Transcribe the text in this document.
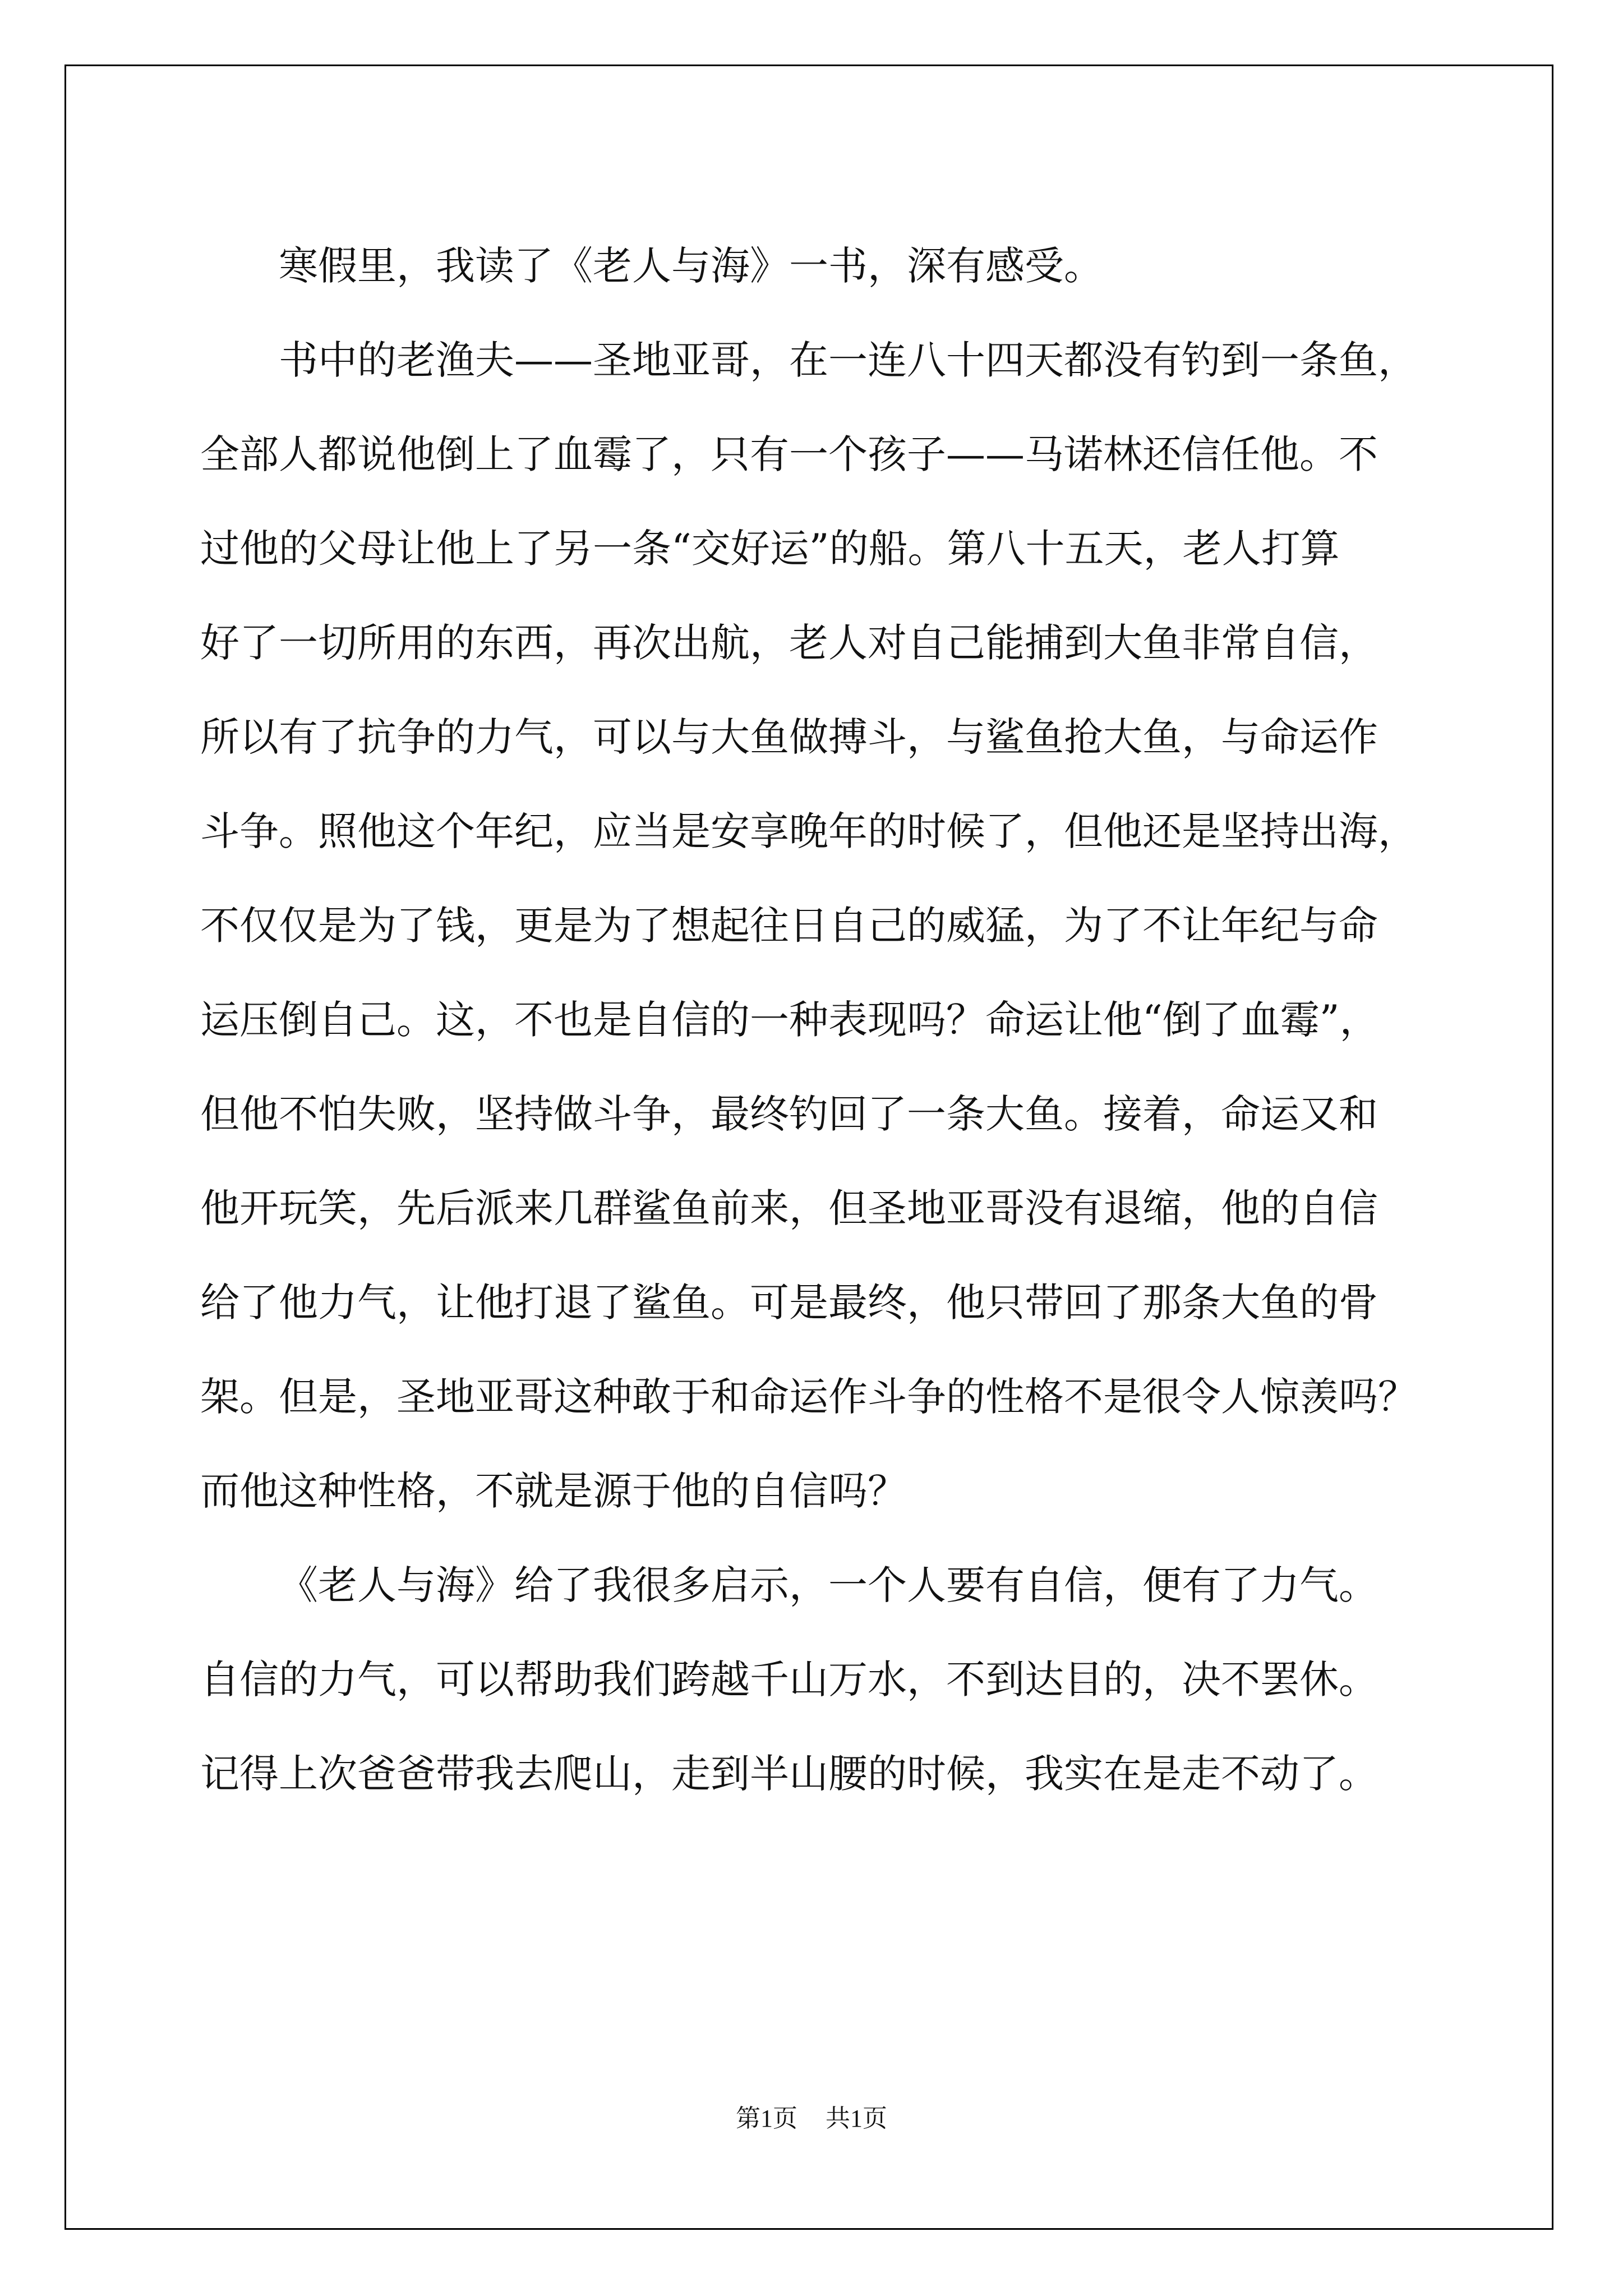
寒假里，我读了《老人与海》一书，深有感受。
书中的老渔夫——圣地亚哥，在一连八十四天都没有钓到一条鱼，
全部人都说他倒上了血霉了，只有一个孩子——马诺林还信任他。不
过他的父母让他上了另一条“交好运”的船。第八十五天，老人打算
好了一切所用的东西，再次出航，老人对自己能捕到大鱼非常自信，
所以有了抗争的力气，可以与大鱼做搏斗，与鲨鱼抢大鱼，与命运作
斗争。照他这个年纪，应当是安享晚年的时候了，但他还是坚持出海，
不仅仅是为了钱，更是为了想起往日自己的威猛，为了不让年纪与命
运压倒自己。这，不也是自信的一种表现吗？命运让他“倒了血霉”，
但他不怕失败，坚持做斗争，最终钓回了一条大鱼。接着，命运又和
他开玩笑，先后派来几群鲨鱼前来，但圣地亚哥没有退缩，他的自信
给了他力气，让他打退了鲨鱼。可是最终，他只带回了那条大鱼的骨
架。但是，圣地亚哥这种敢于和命运作斗争的性格不是很令人惊羡吗？
而他这种性格，不就是源于他的自信吗？
《老人与海》给了我很多启示，一个人要有自信，便有了力气。
自信的力气，可以帮助我们跨越千山万水，不到达目的，决不罢休。
记得上次爸爸带我去爬山，走到半山腰的时候，我实在是走不动了。
第1页 共1页
